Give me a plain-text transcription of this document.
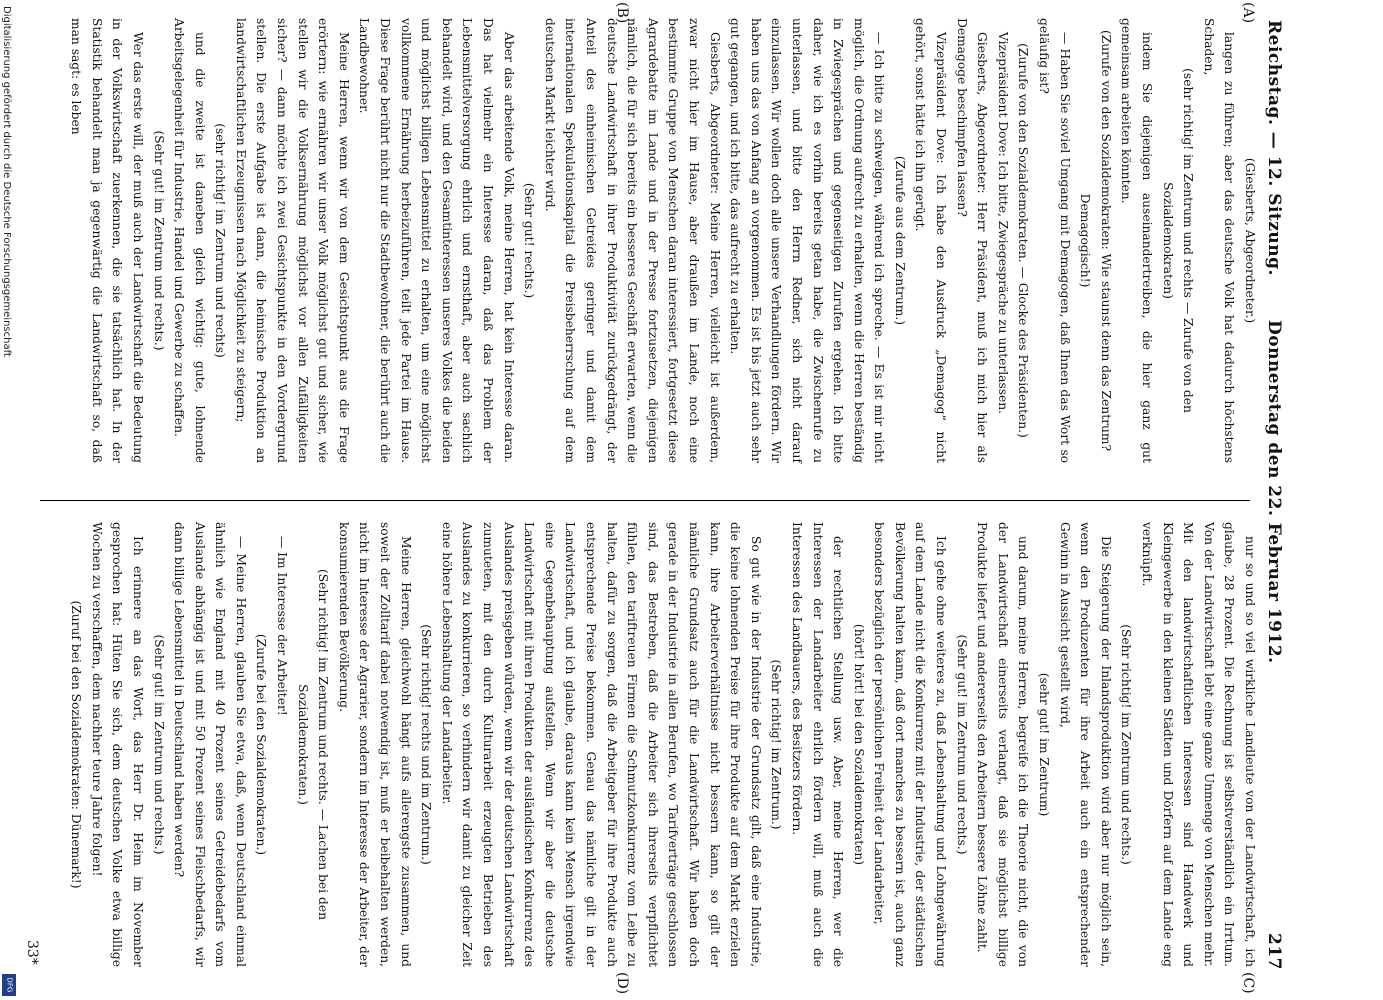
Reichstag. — 12. Sitzung.
Donnerstag den 22. Februar 1912.
217
(A)
(B)
(C)
(D)

(Giesberts, Abgeordneter.)

langen zu führen; aber das deutsche Volk hat dadurch höchstens Schaden,

(sehr richtig! im Zentrum und rechts — Zurufe von den Sozialdemokraten)

indem Sie diejenigen auseinandertreiben, die hier ganz gut gemeinsam arbeiten könnten.

(Zurufe von den Sozialdemokraten: Wie staunst denn das Zentrum? Demagogisch!)

— Haben Sie soviel Umgang mit Demagogen, daß Ihnen das Wort so geläufig ist?

(Zurufe von den Sozialdemokraten. — Glocke des Präsidenten.)

Vizepräsident Dove: Ich bitte, Zwiegespräche zu unterlassen.

Giesberts, Abgeordneter: Herr Präsident, muß ich mich hier als Demagoge beschimpfen lassen?

Vizepräsident Dove: Ich habe den Ausdruck „Demagog“ nicht gehört, sonst hätte ich ihn gerügt.

(Zurufe aus dem Zentrum.)

— Ich bitte zu schweigen, während ich spreche. — Es ist mir nicht möglich, die Ordnung aufrecht zu erhalten, wenn die Herren beständig in Zwiegesprächen und gegenseitigen Zurufen ergehen. Ich bitte daher, wie ich es vorhin bereits getan habe, die Zwischenrufe zu unterlassen, und bitte den Herrn Redner, sich nicht darauf einzulassen. Wir wollen doch alle unsere Verhandlungen fördern. Wir haben uns das von Anfang an vorgenommen. Es ist bis jetzt auch sehr gut gegangen, und ich bitte, das aufrecht zu erhalten.

Giesberts, Abgeordneter: Meine Herren, vielleicht ist außerdem, zwar nicht hier im Hause, aber draußen im Lande, noch eine bestimmte Gruppe von Menschen daran interessiert, fortgesetzt diese Agrardebatte im Lande und in der Presse fortzusetzen, diejenigen nämlich, die für sich bereits ein besseres Geschäft erwarten, wenn die deutsche Landwirtschaft in ihrer Produktivität zurückgedrängt, der Anteil des einheimischen Getreides geringer und damit dem internationalen Spekulationskapital die Preisbeherrschung auf dem deutschen Markt leichter wird.

(Sehr gut! rechts.)

Aber das arbeitende Volk, meine Herren, hat kein Interesse daran. Das hat vielmehr ein Interesse daran, daß das Problem der Lebensmittelversorgung ehrlich und ernsthaft, aber auch sachlich behandelt wird, und den Gesamtinteressen unseres Volkes die beiden und möglichst billigen Lebensmittel zu erhalten, um eine möglichst vollkommene Ernährung herbeizuführen, teilt jede Partei im Hause. Diese Frage berührt nicht nur die Stadtbewohner, die berührt auch die Landbewohner.

Meine Herren, wenn wir von dem Gesichtspunkt aus die Frage erörtern: wie ernähren wir unser Volk möglichst gut und sicher, wie stellen wir die Volksernährung möglichst vor allen Zufälligkeiten sicher? — dann möchte ich zwei Gesichtspunkte in den Vordergrund stellen. Die erste Aufgabe ist dann, die heimische Produktion an landwirtschaftlichen Erzeugnissen nach Möglichkeit zu steigern;

(sehr richtig! im Zentrum und rechts)

und die zweite ist daneben gleich wichtig: gute, lohnende Arbeitsgelegenheit für Industrie, Handel und Gewerbe zu schaffen.

(Sehr gut! im Zentrum und rechts.)

Wer das erste will, der muß auch der Landwirtschaft die Bedeutung in der Volkswirtschaft zuerkennen, die sie tatsächlich hat. In der Statistik behandelt man ja gegenwärtig die Landwirtschaft so, daß man sagt: es leben

nur so und so viel wirkliche Landleute von der Landwirtschaft, ich glaube, 28 Prozent. Die Rechnung ist selbstverständlich ein Irrtum. Von der Landwirtschaft lebt eine ganze Unmenge von Menschen mehr. Mit den landwirtschaftlichen Interessen sind Handwerk und Kleingewerbe in den kleinen Städten und Dörfern auf dem Lande eng verknüpft.

(Sehr richtig! im Zentrum und rechts.)

Die Steigerung der Inlandsproduktion wird aber nur möglich sein, wenn den Produzenten für ihre Arbeit auch ein entsprechender Gewinn in Aussicht gestellt wird,

(sehr gut! im Zentrum)

und darum, meine Herren, begreife ich die Theorie nicht, die von der Landwirtschaft einerseits verlangt, daß sie möglichst billige Produkte liefert und andererseits den Arbeitern bessere Löhne zahlt.

(Sehr gut! im Zentrum und rechts.)

Ich gehe ohne weiteres zu, daß Lebenshaltung und Lohngewährung auf dem Lande nicht die Konkurrenz mit der Industrie, der städtischen Bevölkerung halten kann, daß dort manches zu bessern ist, auch ganz besonders bezüglich der persönlichen Freiheit der Landarbeiter,

(hört! hört! bei den Sozialdemokraten)

der rechtlichen Stellung usw. Aber, meine Herren, wer die Interessen der Landarbeiter ehrlich fördern will, muß auch die Interessen des Landbauers, des Besitzers fördern.

(Sehr richtig! im Zentrum.)

So gut wie in der Industrie der Grundsatz gilt, daß eine Industrie, die keine lohnenden Preise für ihre Produkte auf dem Markt erzielen kann, ihre Arbeiterverhältnisse nicht bessern kann, so gilt der nämliche Grundsatz auch für die Landwirtschaft. Wir haben doch gerade in der Industrie in allen Berufen, wo Tarifverträge geschlossen sind, das Bestreben, daß die Arbeiter sich ihrerseits verpflichtet fühlen, den tariftreuen Firmen die Schmutzkonkurrenz vom Leibe zu halten, dafür zu sorgen, daß die Arbeitgeber für ihre Produkte auch entsprechende Preise bekommen. Genau das nämliche gilt in der Landwirtschaft, und ich glaube, daraus kann kein Mensch irgendwie eine Gegenbehauptung aufstellen. Wenn wir aber die deutsche Landwirtschaft mit ihren Produkten der ausländischen Konkurrenz des Auslandes preisgeben würden, wenn wir der deutschen Landwirtschaft zumuteten, mit den durch Kulturarbeit erzeugten Betrieben des Auslandes zu konkurrieren, so verhindern wir damit zu gleicher Zeit eine höhere Lebenshaltung der Landarbeiter.

(Sehr richtig! rechts und im Zentrum.)

Meine Herren, gleichwohl hängt aufs allerengste zusammen, und soweit der Zolltarif dabei notwendig ist, muß er beibehalten werden, nicht im Interesse der Agrarier, sondern im Interesse der Arbeiter, der konsumierenden Bevölkerung.

(Sehr richtig! im Zentrum und rechts. — Lachen bei den Sozialdemokraten.)

— Im Interesse der Arbeiter!

(Zurufe bei den Sozialdemokraten.)

— Meine Herren, glauben Sie etwa, daß, wenn Deutschland einmal ähnlich wie England mit 40 Prozent seines Getreidebedarfs vom Auslande abhängig ist und mit 50 Prozent seines Fleischbedarfs, wir dann billige Lebensmittel in Deutschland haben werden?

(Sehr gut! im Zentrum und rechts.)

Ich erinnere an das Wort, das Herr Dr. Heim im November gesprochen hat: Hüten Sie sich, dem deutschen Volke etwa billige Wochen zu verschaffen, dem nachher teure Jahre folgen!

(Zuruf bei den Sozialdemokraten: Dünemark!)

33*
Digitalisierung gefördert durch die Deutsche Forschungsgemeinschaft
DFG
